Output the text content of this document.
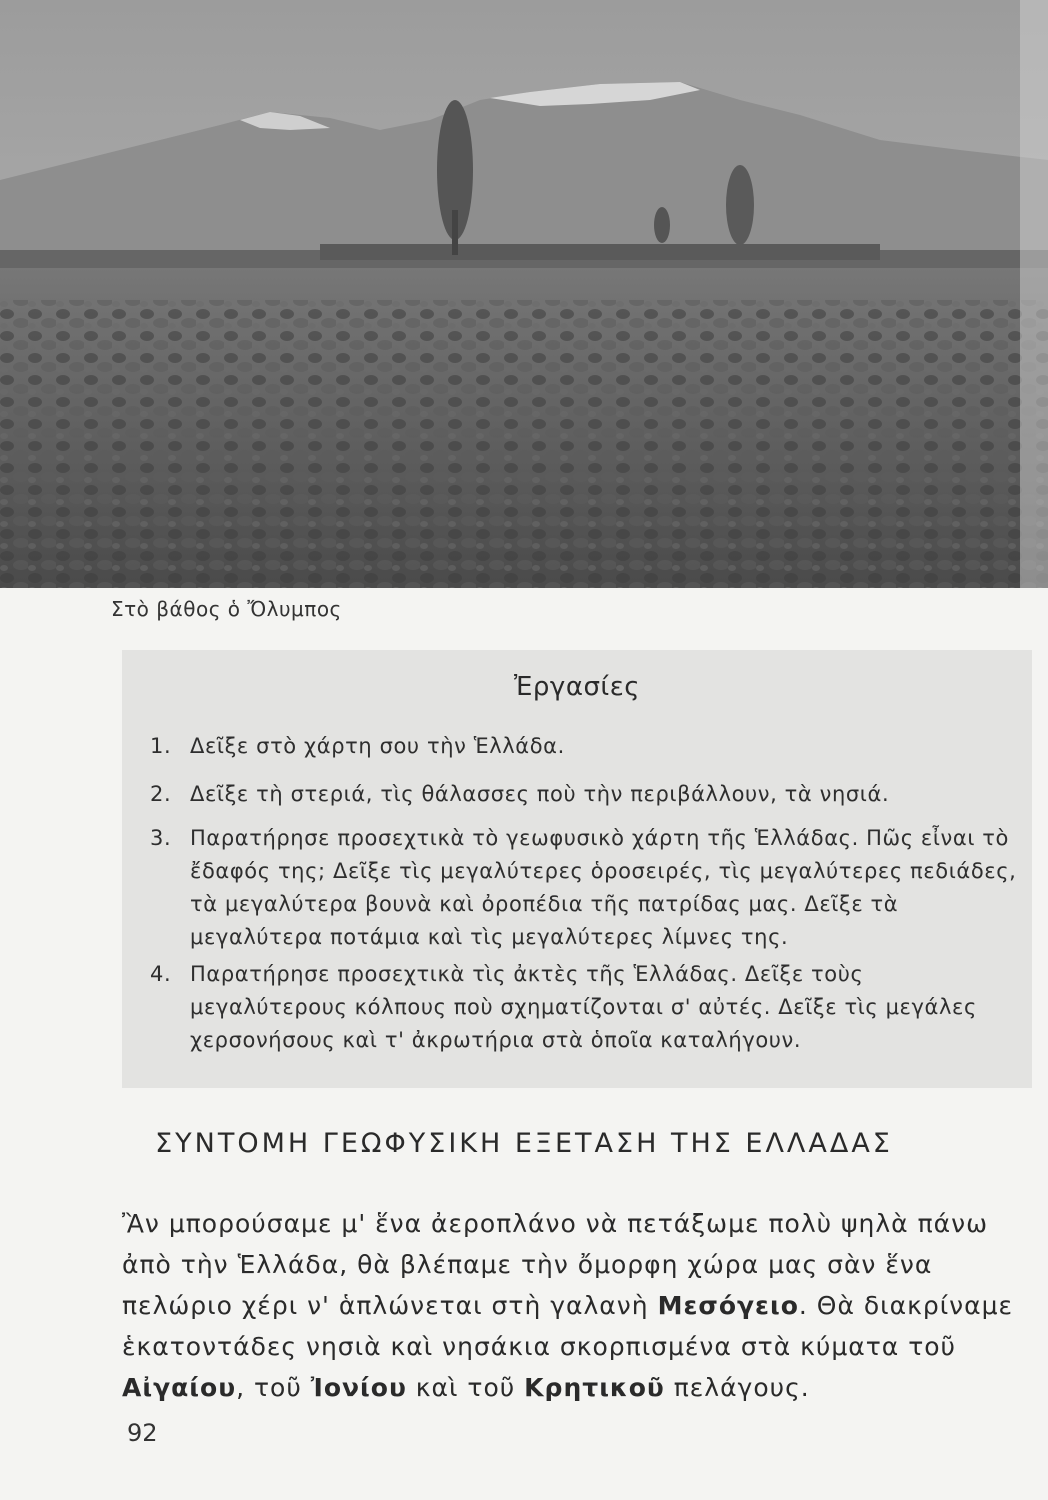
Στὸ βάθος ὁ Ὄλυμπος
Ἐργασίες
1. Δεῖξε στὸ χάρτη σου τὴν Ἑλλάδα.
2. Δεῖξε τὴ στεριά, τὶς θάλασσες ποὺ τὴν περιβάλλουν, τὰ νησιά.
3. Παρατήρησε προσεχτικὰ τὸ γεωφυσικὸ χάρτη τῆς Ἑλλάδας. Πῶς εἶναι τὸ ἔδαφός της; Δεῖξε τὶς μεγαλύτερες ὁροσειρές, τὶς μεγαλύτερες πεδιάδες, τὰ μεγαλύτερα βουνὰ καὶ ὀροπέδια τῆς πατρίδας μας. Δεῖξε τὰ μεγαλύτερα ποτάμια καὶ τὶς μεγαλύτερες λίμνες της.
4. Παρατήρησε προσεχτικὰ τὶς ἀκτὲς τῆς Ἑλλάδας. Δεῖξε τοὺς μεγαλύτερους κόλπους ποὺ σχηματίζονται σ' αὐτές. Δεῖξε τὶς μεγάλες χερσονήσους καὶ τ' ἀκρωτήρια στὰ ὁποῖα καταλήγουν.
ΣΥΝΤΟΜΗ ΓΕΩΦΥΣΙΚΗ ΕΞΕΤΑΣΗ ΤΗΣ ΕΛΛΑΔΑΣ
Ἂν μπορούσαμε μ' ἕνα ἀεροπλάνο νὰ πετάξωμε πολὺ ψηλὰ πάνω ἀπὸ τὴν Ἑλλάδα, θὰ βλέπαμε τὴν ὄμορφη χώρα μας σὰν ἕνα πελώριο χέρι ν' ἁπλώνεται στὴ γαλανὴ Μεσόγειο. Θὰ διακρίναμε ἑκατοντάδες νησιὰ καὶ νησάκια σκορπισμένα στὰ κύματα τοῦ Αἰγαίου, τοῦ Ἰονίου καὶ τοῦ Κρητικοῦ πελάγους.
92
